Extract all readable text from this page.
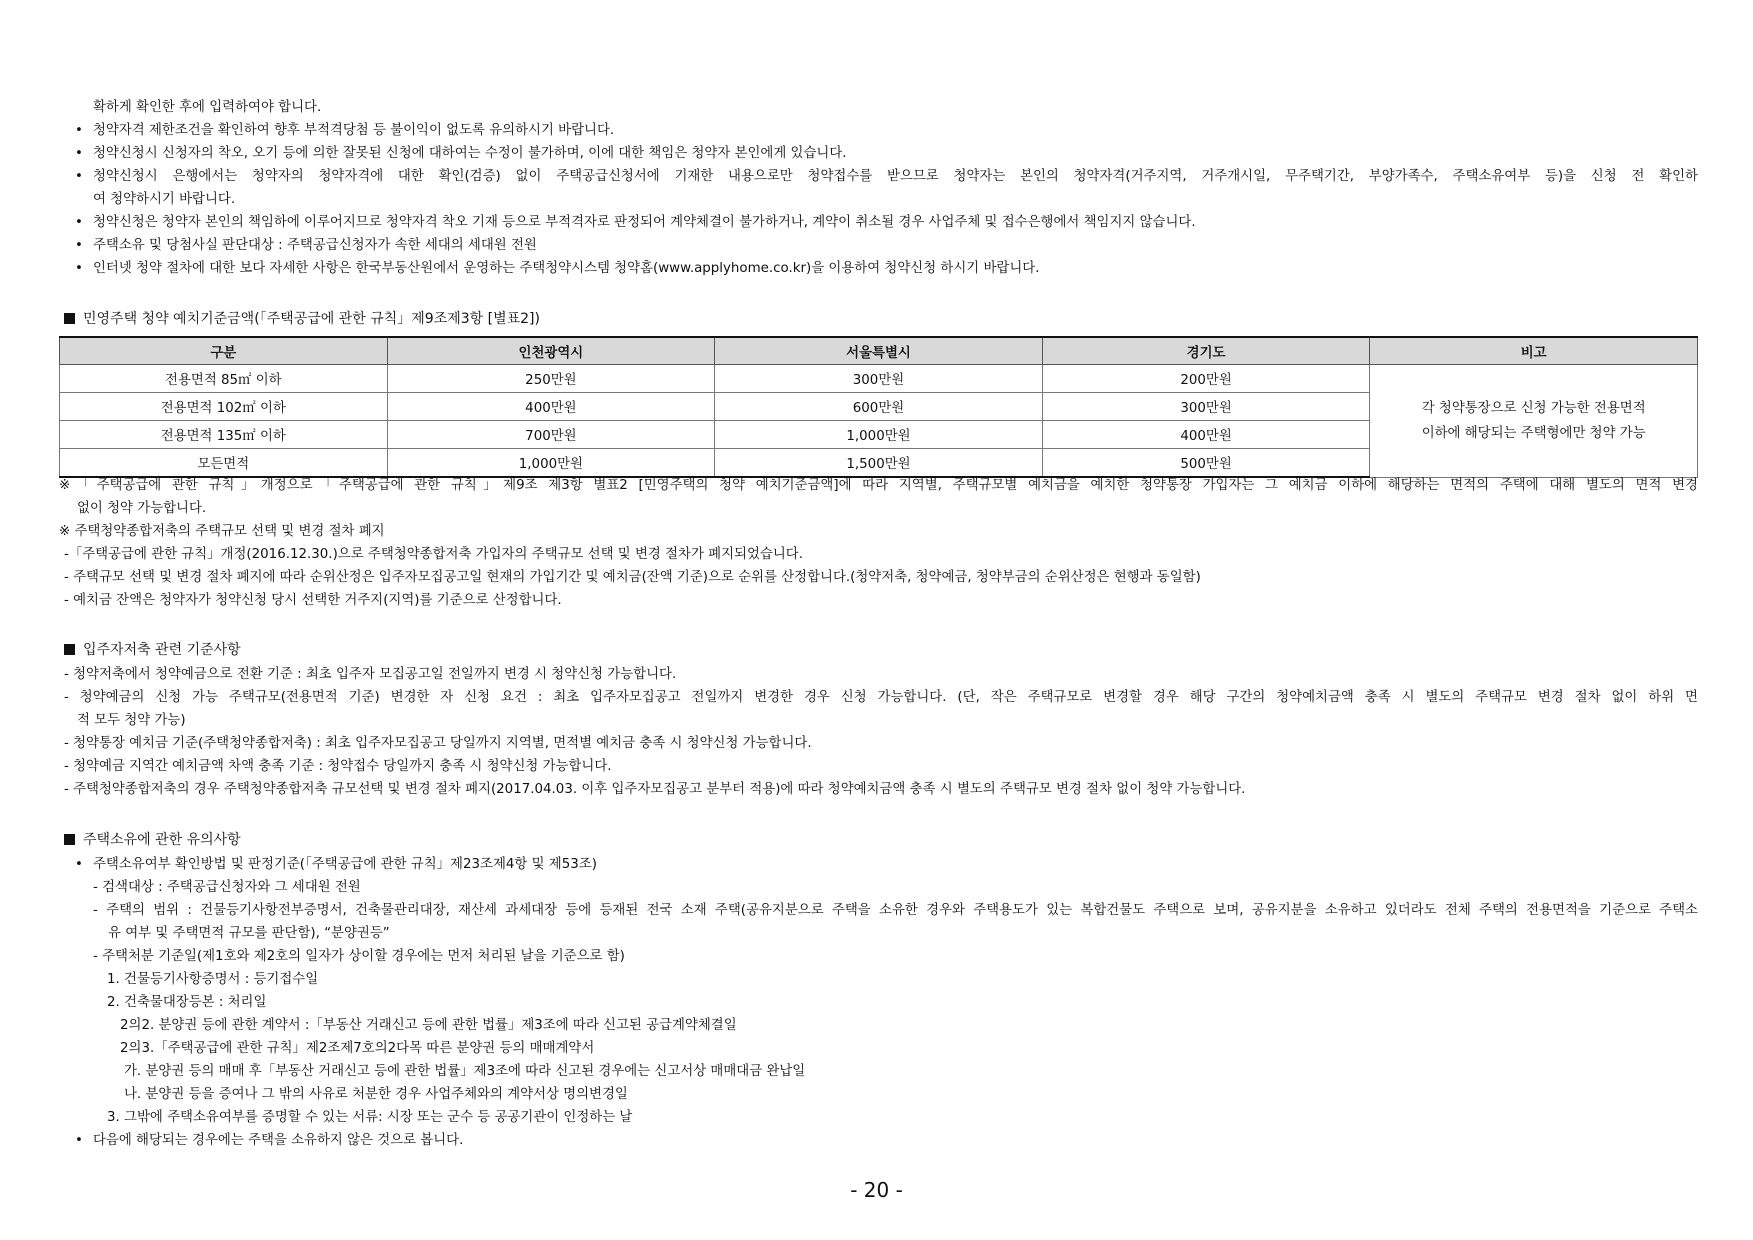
확하게 확인한 후에 입력하여야 합니다.
• 청약자격 제한조건을 확인하여 향후 부적격당첨 등 불이익이 없도록 유의하시기 바랍니다.
• 청약신청시 신청자의 착오, 오기 등에 의한 잘못된 신청에 대하여는 수정이 불가하며, 이에 대한 책임은 청약자 본인에게 있습니다.
• 청약신청시 은행에서는 청약자의 청약자격에 대한 확인(검증) 없이 주택공급신청서에 기재한 내용으로만 청약접수를 받으므로 청약자는 본인의 청약자격(거주지역, 거주개시일, 무주택기간, 부양가족수, 주택소유여부 등)을 신청 전 확인하
여 청약하시기 바랍니다.
• 청약신청은 청약자 본인의 책임하에 이루어지므로 청약자격 착오 기재 등으로 부적격자로 판정되어 계약체결이 불가하거나, 계약이 취소될 경우 사업주체 및 접수은행에서 책임지지 않습니다.
• 주택소유 및 당첨사실 판단대상 : 주택공급신청자가 속한 세대의 세대원 전원
• 인터넷 청약 절차에 대한 보다 자세한 사항은 한국부동산원에서 운영하는 주택청약시스템 청약홈(www.applyhome.co.kr)을 이용하여 청약신청 하시기 바랍니다.
민영주택 청약 예치기준금액(「주택공급에 관한 규칙」제9조제3항 [별표2])
구분	인천광역시	서울특별시	경기도	비고
전용면적 85㎡ 이하	250만원	300만원	200만원	각 청약통장으로 신청 가능한 전용면적
이하에 해당되는 주택형에만 청약 가능

전용면적 102㎡ 이하	400만원	600만원	300만원	
전용면적 135㎡ 이하	700만원	1,000만원	400만원	
모든면적	1,000만원	1,500만원	500만원	
※「주택공급에 관한 규칙」개정으로「주택공급에 관한 규칙」제9조 제3항 별표2 [민영주택의 청약 예치기준금액]에 따라 지역별, 주택규모별 예치금을 예치한 청약통장 가입자는 그 예치금 이하에 해당하는 면적의 주택에 대해 별도의 면적 변경
없이 청약 가능합니다.
※ 주택청약종합저축의 주택규모 선택 및 변경 절차 폐지
-「주택공급에 관한 규칙」개정(2016.12.30.)으로 주택청약종합저축 가입자의 주택규모 선택 및 변경 절차가 폐지되었습니다.
- 주택규모 선택 및 변경 절차 폐지에 따라 순위산정은 입주자모집공고일 현재의 가입기간 및 예치금(잔액 기준)으로 순위를 산정합니다.(청약저축, 청약예금, 청약부금의 순위산정은 현행과 동일함)
- 예치금 잔액은 청약자가 청약신청 당시 선택한 거주지(지역)를 기준으로 산정합니다.
입주자저축 관련 기준사항
- 청약저축에서 청약예금으로 전환 기준 : 최초 입주자 모집공고일 전일까지 변경 시 청약신청 가능합니다.
- 청약예금의 신청 가능 주택규모(전용면적 기준) 변경한 자 신청 요건 : 최초 입주자모집공고 전일까지 변경한 경우 신청 가능합니다. (단, 작은 주택규모로 변경할 경우 해당 구간의 청약예치금액 충족 시 별도의 주택규모 변경 절차 없이 하위 면
적 모두 청약 가능)
- 청약통장 예치금 기준(주택청약종합저축) : 최초 입주자모집공고 당일까지 지역별, 면적별 예치금 충족 시 청약신청 가능합니다.
- 청약예금 지역간 예치금액 차액 충족 기준 : 청약접수 당일까지 충족 시 청약신청 가능합니다.
- 주택청약종합저축의 경우 주택청약종합저축 규모선택 및 변경 절차 폐지(2017.04.03. 이후 입주자모집공고 분부터 적용)에 따라 청약예치금액 충족 시 별도의 주택규모 변경 절차 없이 청약 가능합니다.
주택소유에 관한 유의사항
• 주택소유여부 확인방법 및 판정기준(「주택공급에 관한 규칙」제23조제4항 및 제53조)
- 검색대상 : 주택공급신청자와 그 세대원 전원
- 주택의 범위 : 건물등기사항전부증명서, 건축물관리대장, 재산세 과세대장 등에 등재된 전국 소재 주택(공유지분으로 주택을 소유한 경우와 주택용도가 있는 복합건물도 주택으로 보며, 공유지분을 소유하고 있더라도 전체 주택의 전용면적을 기준으로 주택소
유 여부 및 주택면적 규모를 판단함), “분양권등”
- 주택처분 기준일(제1호와 제2호의 일자가 상이할 경우에는 먼저 처리된 날을 기준으로 함)
1. 건물등기사항증명서 : 등기접수일
2. 건축물대장등본 : 처리일
2의2. 분양권 등에 관한 계약서 :「부동산 거래신고 등에 관한 법률」제3조에 따라 신고된 공급계약체결일
2의3.「주택공급에 관한 규칙」제2조제7호의2다목 따른 분양권 등의 매매계약서
가. 분양권 등의 매매 후「부동산 거래신고 등에 관한 법률」제3조에 따라 신고된 경우에는 신고서상 매매대금 완납일
나. 분양권 등을 증여나 그 밖의 사유로 처분한 경우 사업주체와의 계약서상 명의변경일
3. 그밖에 주택소유여부를 증명할 수 있는 서류: 시장 또는 군수 등 공공기관이 인정하는 날
• 다음에 해당되는 경우에는 주택을 소유하지 않은 것으로 봅니다.
- 20 -
